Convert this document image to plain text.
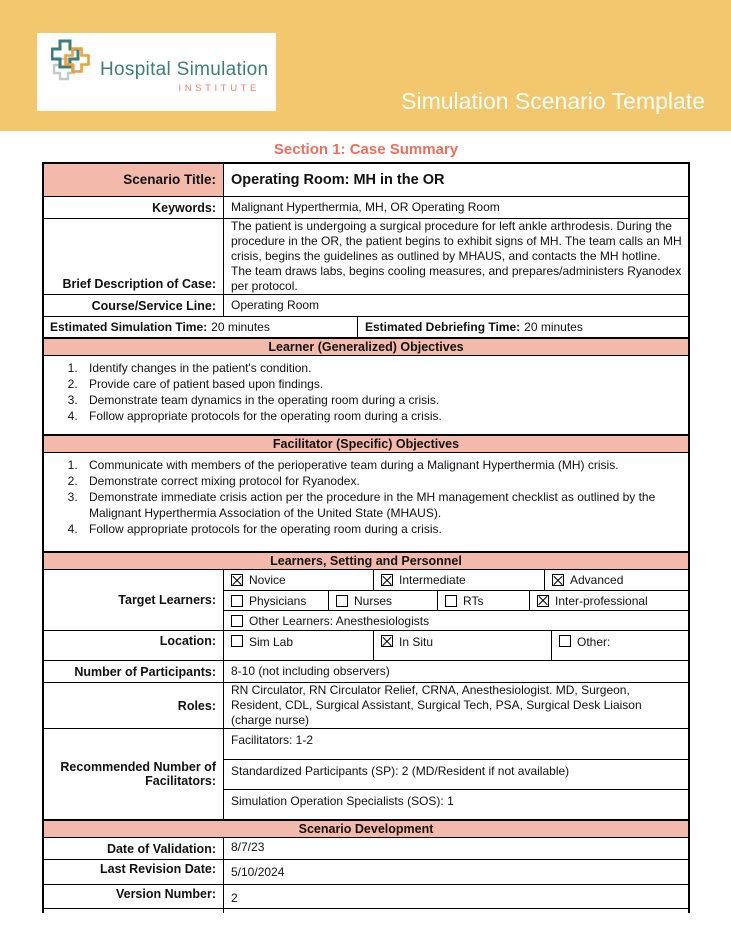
Hospital Simulation
INSTITUTE	Simulation Scenario Template
Section 1: Case Summary
Scenario Title:	Operating Room: MH in the OR
Keywords:	Malignant Hyperthermia, MH, OR Operating Room
Brief Description of Case:
The patient is undergoing a surgical procedure for left ankle arthrodesis. During the procedure in the OR, the patient begins to exhibit signs of MH. The team calls an MH crisis, begins the guidelines as outlined by MHAUS, and contacts the MH hotline. The team draws labs, begins cooling measures, and prepares/administers Ryanodex per protocol.
Course/Service Line:	Operating Room
Estimated Simulation Time: 20 minutes	Estimated Debriefing Time: 20 minutes
Learner (Generalized) Objectives
1. Identify changes in the patient's condition.
2. Provide care of patient based upon findings.
3. Demonstrate team dynamics in the operating room during a crisis.
4. Follow appropriate protocols for the operating room during a crisis.
Facilitator (Specific) Objectives
1. Communicate with members of the perioperative team during a Malignant Hyperthermia (MH) crisis.
2. Demonstrate correct mixing protocol for Ryanodex.
3. Demonstrate immediate crisis action per the procedure in the MH management checklist as outlined by the Malignant Hyperthermia Association of the United State (MHAUS).
4. Follow appropriate protocols for the operating room during a crisis.
Learners, Setting and Personnel
Target Learners:
Novice	Intermediate	Advanced
Physicians	Nurses	RTs	Inter-professional
Other Learners: Anesthesiologists
Location:	Sim Lab	In Situ	Other:
Number of Participants:	8-10 (not including observers)
Roles:
RN Circulator, RN Circulator Relief, CRNA, Anesthesiologist. MD, Surgeon, Resident, CDL, Surgical Assistant, Surgical Tech, PSA, Surgical Desk Liaison (charge nurse)
Recommended Number of Facilitators:
Facilitators: 1-2
Standardized Participants (SP): 2 (MD/Resident if not available)
Simulation Operation Specialists (SOS): 1
Scenario Development
Date of Validation:	8/7/23
Last Revision Date:	5/10/2024
Version Number:	2
